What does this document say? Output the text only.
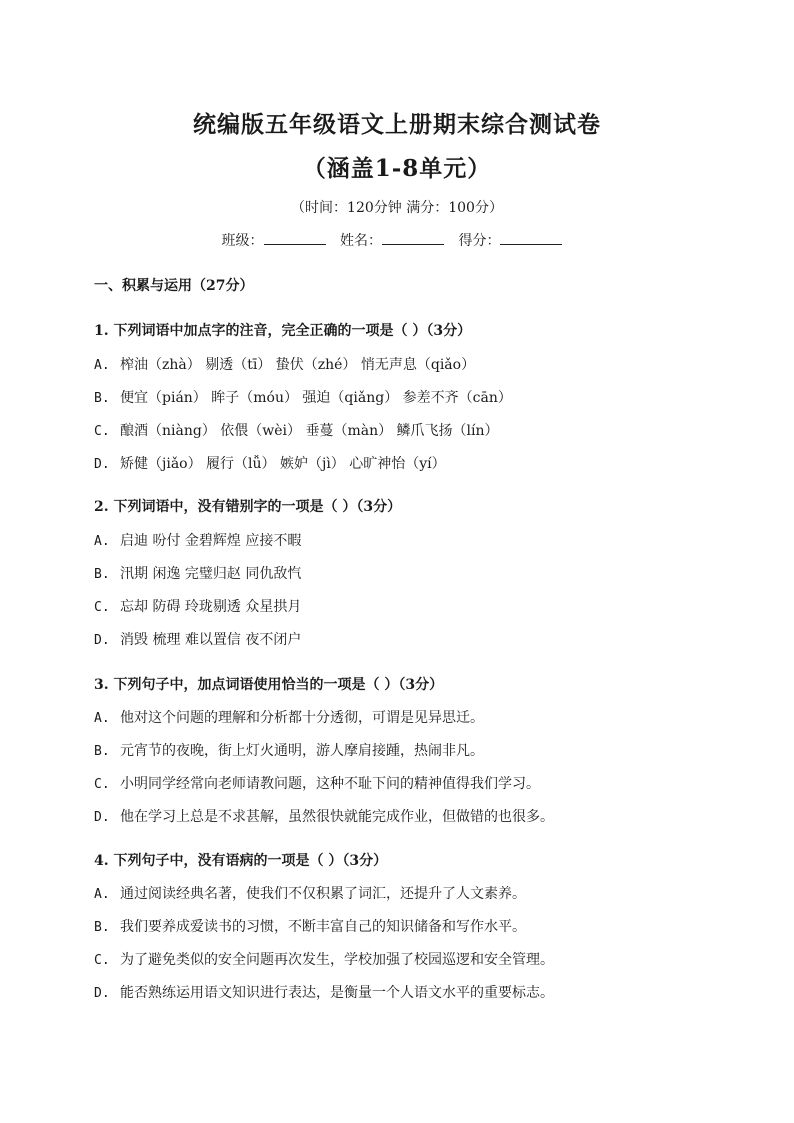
统编版五年级语文上册期末综合测试卷
（涵盖1-8单元）
（时间：120分钟 满分：100分）
班级：	姓名：	得分：
一、积累与运用（27分）
1. 下列词语中加点字的注音，完全正确的一项是（ ）（3分）
A. 榨油（zhà） 剔透（tī） 蛰伏（zhé） 悄无声息（qiǎo）
B. 便宜（pián） 眸子（móu） 强迫（qiǎng） 参差不齐（cān）
C. 酿酒（niàng） 依偎（wèi） 垂蔓（màn） 鳞爪飞扬（lín）
D. 矫健（jiǎo） 履行（lǚ） 嫉妒（jì） 心旷神怡（yí）
2. 下列词语中，没有错别字的一项是（ ）（3分）
A. 启迪 吩付 金碧辉煌 应接不暇
B. 汛期 闲逸 完璧归赵 同仇敌忾
C. 忘却 防碍 玲珑剔透 众星拱月
D. 消毁 梳理 难以置信 夜不闭户
3. 下列句子中，加点词语使用恰当的一项是（ ）（3分）
A. 他对这个问题的理解和分析都十分透彻，可谓是见异思迁。
B. 元宵节的夜晚，街上灯火通明，游人摩肩接踵，热闹非凡。
C. 小明同学经常向老师请教问题，这种不耻下问的精神值得我们学习。
D. 他在学习上总是不求甚解，虽然很快就能完成作业，但做错的也很多。
4. 下列句子中，没有语病的一项是（ ）（3分）
A. 通过阅读经典名著，使我们不仅积累了词汇，还提升了人文素养。
B. 我们要养成爱读书的习惯，不断丰富自己的知识储备和写作水平。
C. 为了避免类似的安全问题再次发生，学校加强了校园巡逻和安全管理。
D. 能否熟练运用语文知识进行表达，是衡量一个人语文水平的重要标志。
